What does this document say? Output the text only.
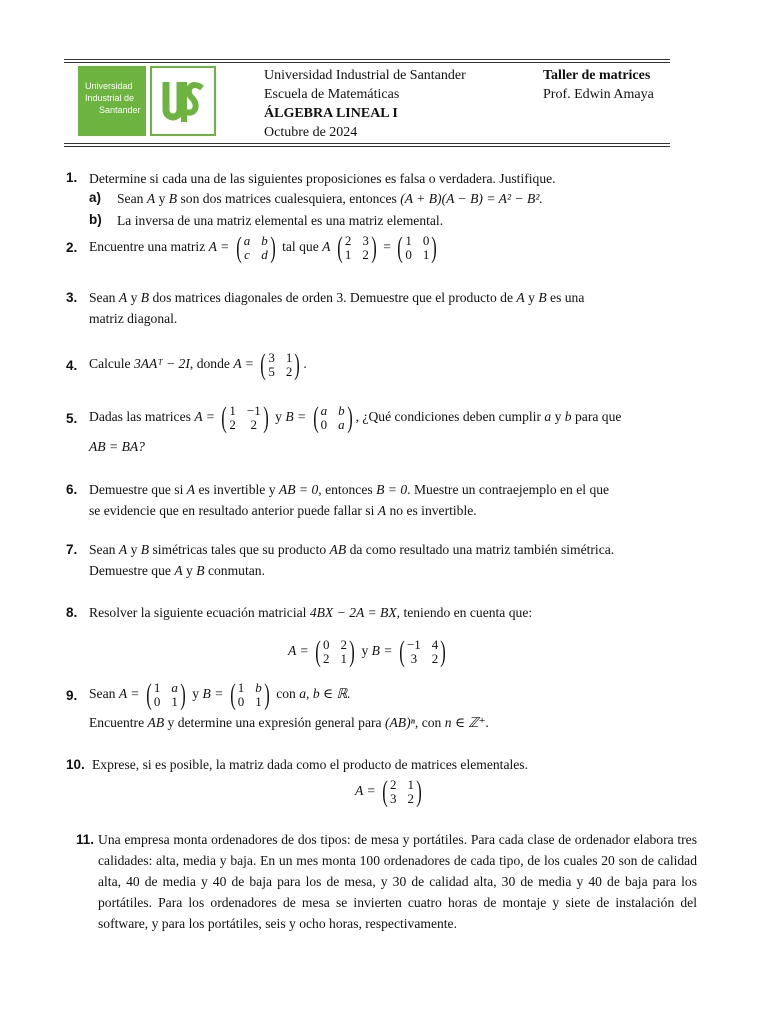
Universidad
Industrial de
Santander
Universidad Industrial de Santander
Escuela de Matemáticas
ÁLGEBRA LINEAL I
Octubre de 2024
Taller de matrices
Prof. Edwin Amaya
1. Determine si cada una de las siguientes proposiciones es falsa o verdadera. Justifique.
a) Sean A y B son dos matrices cualesquiera, entonces (A + B)(A − B) = A² − B².
b) La inversa de una matriz elemental es una matriz elemental.
2. Encuentre una matriz A = ( a b
c d ) tal que A ( 2 3
1 2 ) = ( 1 0
0 1 )
3. Sean A y B dos matrices diagonales de orden 3. Demuestre que el producto de A y B es una
matriz diagonal.
4. Calcule 3AAᵀ − 2I, donde A = ( 3 1
5 2 ) .
5. Dadas las matrices A = ( 1 −1
2 2 ) y B = ( a b
0 a ) , ¿Qué condiciones deben cumplir a y b para que
AB = BA?
6. Demuestre que si A es invertible y AB = 0, entonces B = 0. Muestre un contraejemplo en el que
se evidencie que en resultado anterior puede fallar si A no es invertible.
7. Sean A y B simétricas tales que su producto AB da como resultado una matriz también simétrica.
Demuestre que A y B conmutan.
8. Resolver la siguiente ecuación matricial 4BX − 2A = BX, teniendo en cuenta que:
A = ( 0 2
2 1 ) y B = ( −1 4
3 2 )
9. Sean A = ( 1 a
0 1 ) y B = ( 1 b
0 1 ) con a, b ∈ ℝ.
Encuentre AB y determine una expresión general para (AB)ⁿ, con n ∈ ℤ⁺.
10. Exprese, si es posible, la matriz dada como el producto de matrices elementales.
A = ( 2 1
3 2 )
11. Una empresa monta ordenadores de dos tipos: de mesa y portátiles. Para cada clase de ordenador elabora tres calidades: alta, media y baja. En un mes monta 100 ordenadores de cada tipo, de los cuales 20 son de calidad alta, 40 de media y 40 de baja para los de mesa, y 30 de calidad alta, 30 de media y 40 de baja para los portátiles. Para los ordenadores de mesa se invierten cuatro horas de montaje y siete de instalación del software, y para los portátiles, seis y ocho horas, respectivamente.
